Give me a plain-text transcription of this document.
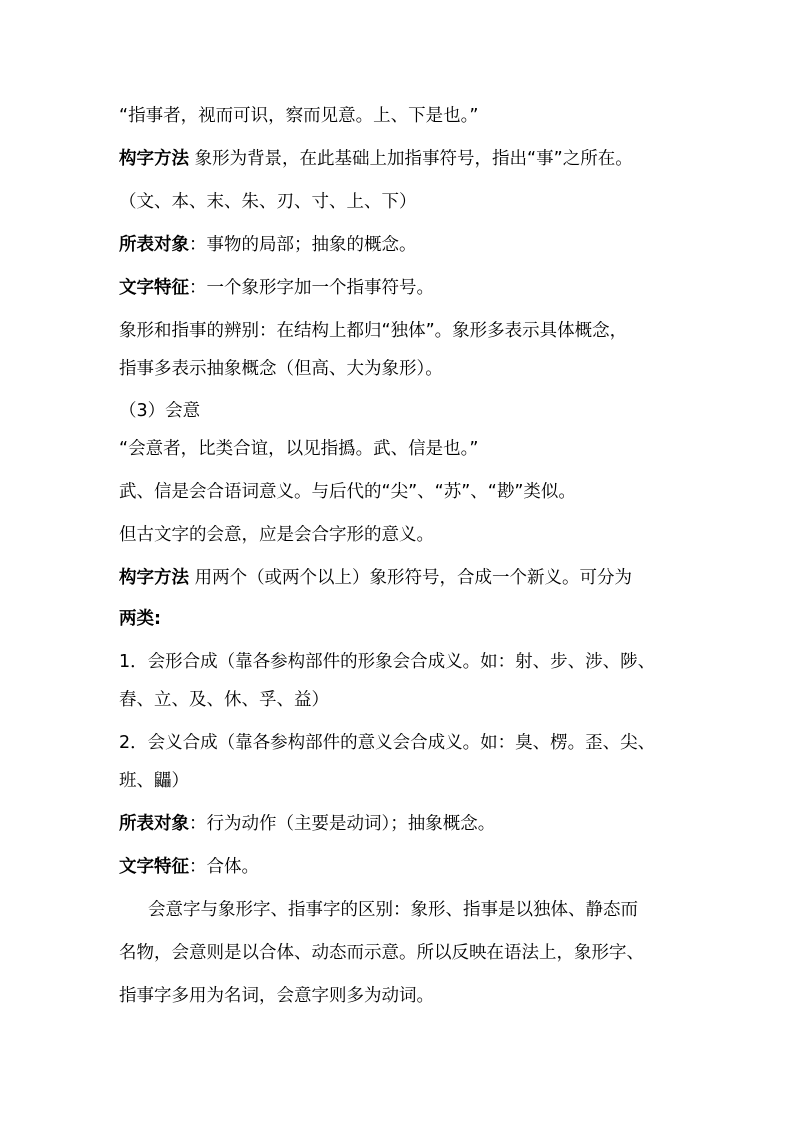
“指事者，视而可识，察而见意。上、下是也。”
构字方法 象形为背景，在此基础上加指事符号，指出“事”之所在。
（文、本、末、朱、刃、寸、上、下）
所表对象：事物的局部；抽象的概念。
文字特征：一个象形字加一个指事符号。
象形和指事的辨别：在结构上都归“独体”。象形多表示具体概念，
指事多表示抽象概念（但高、大为象形）。
（3）会意
“会意者，比类合谊，以见指撝。武、信是也。”
武、信是会合语词意义。与后代的“尖”、“苏”、“尠”类似。
但古文字的会意，应是会合字形的意义。
构字方法 用两个（或两个以上）象形符号，合成一个新义。可分为
两类:
1．会形合成（靠各参构部件的形象会合成义。如：射、步、涉、陟、
舂、立、及、休、孚、益）
2．会义合成（靠各参构部件的意义会合成义。如：臭、楞。歪、尖、
班、鼺）
所表对象：行为动作（主要是动词）；抽象概念。
文字特征：合体。
会意字与象形字、指事字的区别：象形、指事是以独体、静态而
名物，会意则是以合体、动态而示意。所以反映在语法上，象形字、
指事字多用为名词，会意字则多为动词。
